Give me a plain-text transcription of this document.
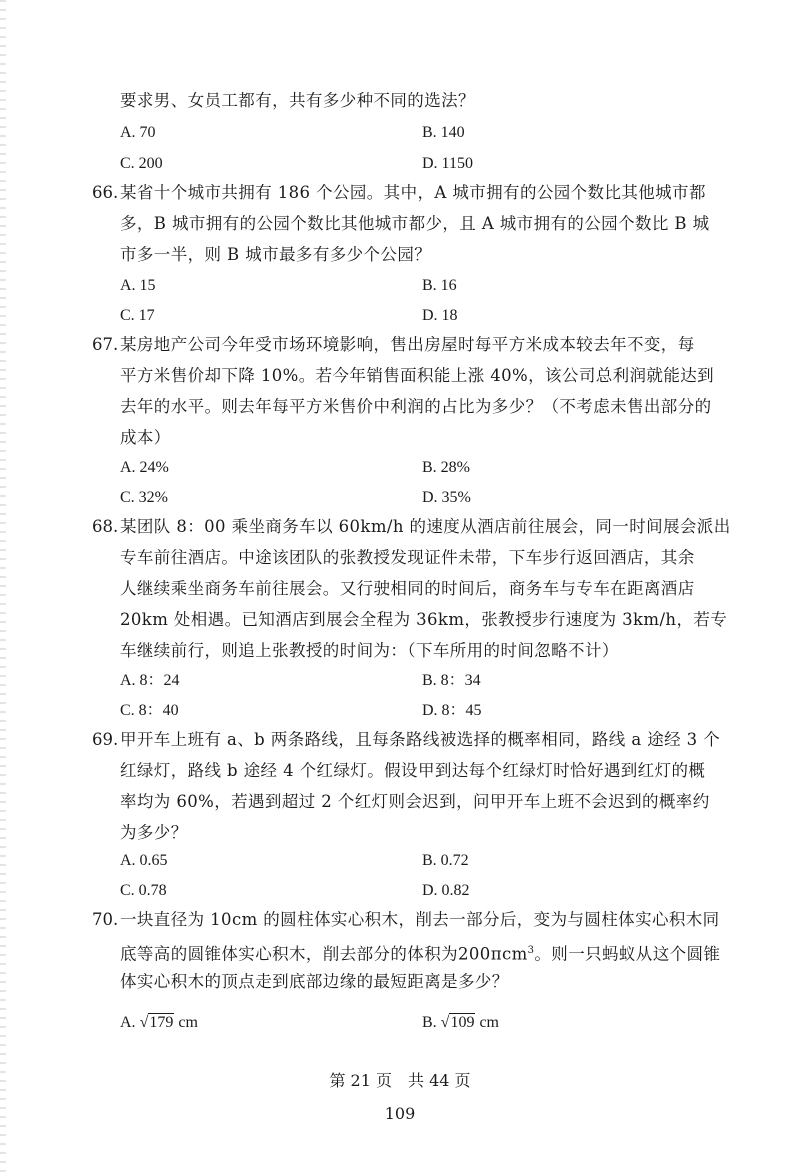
要求男、女员工都有，共有多少种不同的选法？
A. 70	B. 140
C. 200	D. 1150
66. 某省十个城市共拥有 186 个公园。其中，A 城市拥有的公园个数比其他城市都
多，B 城市拥有的公园个数比其他城市都少，且 A 城市拥有的公园个数比 B 城
市多一半，则 B 城市最多有多少个公园？
A. 15	B. 16
C. 17	D. 18
67. 某房地产公司今年受市场环境影响，售出房屋时每平方米成本较去年不变，每
平方米售价却下降 10%。若今年销售面积能上涨 40%，该公司总利润就能达到
去年的水平。则去年每平方米售价中利润的占比为多少？（不考虑未售出部分的
成本）
A. 24%	B. 28%
C. 32%	D. 35%
68. 某团队 8：00 乘坐商务车以 60km/h 的速度从酒店前往展会，同一时间展会派出
专车前往酒店。中途该团队的张教授发现证件未带，下车步行返回酒店，其余
人继续乘坐商务车前往展会。又行驶相同的时间后，商务车与专车在距离酒店
20km 处相遇。已知酒店到展会全程为 36km，张教授步行速度为 3km/h，若专
车继续前行，则追上张教授的时间为：（下车所用的时间忽略不计）
A. 8：24	B. 8：34
C. 8：40	D. 8：45
69. 甲开车上班有 a、b 两条路线，且每条路线被选择的概率相同，路线 a 途经 3 个
红绿灯，路线 b 途经 4 个红绿灯。假设甲到达每个红绿灯时恰好遇到红灯的概
率均为 60%，若遇到超过 2 个红灯则会迟到，问甲开车上班不会迟到的概率约
为多少？
A. 0.65	B. 0.72
C. 0.78	D. 0.82
70. 一块直径为 10cm 的圆柱体实心积木，削去一部分后，变为与圆柱体实心积木同
底等高的圆锥体实心积木，削去部分的体积为200πcm$^3$。则一只蚂蚁从这个圆锥
体实心积木的顶点走到底部边缘的最短距离是多少？
A. √179 cm	B. √109 cm
第 21 页　共 44 页
109
